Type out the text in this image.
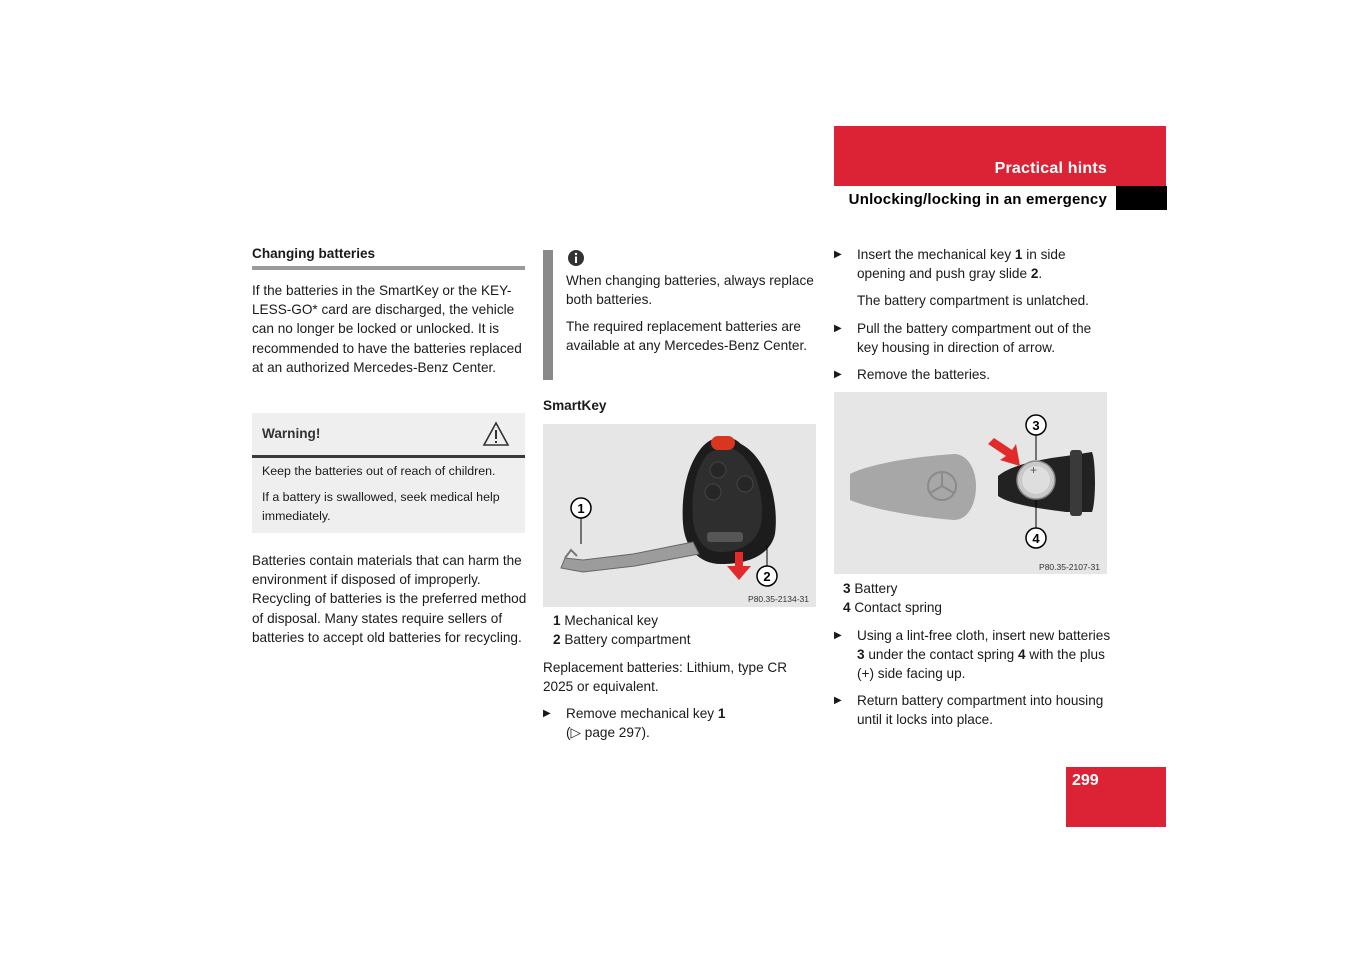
Practical hints
Unlocking/locking in an emergency
Changing batteries

If the batteries in the SmartKey or the KEY-LESS-GO* card are discharged, the vehicle can no longer be locked or unlocked. It is recommended to have the batteries replaced at an authorized Mercedes-Benz Center.

Warning!
Keep the batteries out of reach of children.
If a battery is swallowed, seek medical help immediately.

Batteries contain materials that can harm the environment if disposed of improperly. Recycling of batteries is the preferred method of disposal. Many states require sellers of batteries to accept old batteries for recycling.

When changing batteries, always replace both batteries.
The required replacement batteries are available at any Mercedes-Benz Center.
SmartKey
1
2
P80.35-2134-31
1 Mechanical key
2 Battery compartment

Replacement batteries: Lithium, type CR 2025 or equivalent.

▶ Remove mechanical key 1
(▷ page 297).
▶ Insert the mechanical key 1 in side opening and push gray slide 2.
The battery compartment is unlatched.
▶ Pull the battery compartment out of the key housing in direction of arrow.
▶ Remove the batteries.
+
3
4
P80.35-2107-31
3 Battery
4 Contact spring
▶ Using a lint-free cloth, insert new batteries 3 under the contact spring 4 with the plus (+) side facing up.
▶ Return battery compartment into housing until it locks into place.
299
